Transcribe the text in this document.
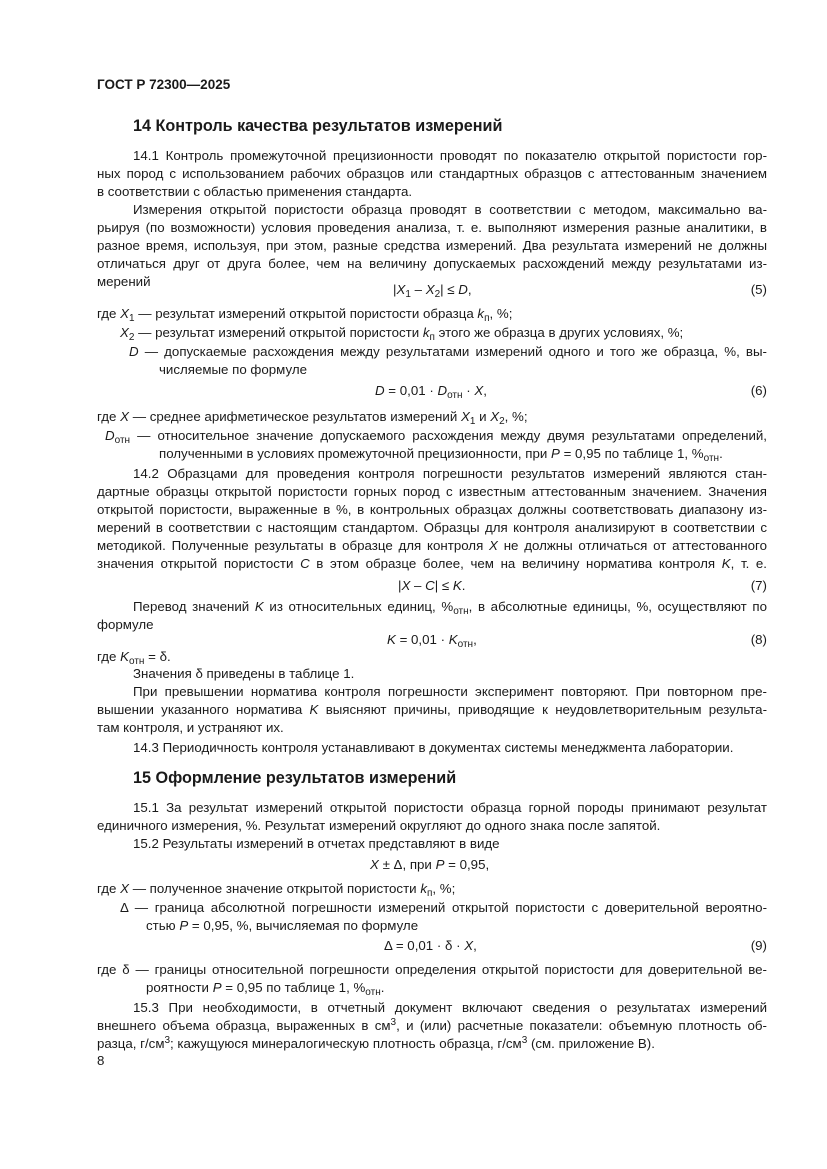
ГОСТ Р 72300—2025
14 Контроль качества результатов измерений
14.1 Контроль промежуточной прецизионности проводят по показателю открытой пористости гор-
ных пород с использованием рабочих образцов или стандартных образцов с аттестованным значением
в соответствии с областью применения стандарта.
Измерения открытой пористости образца проводят в соответствии с методом, максимально ва-
рьируя (по возможности) условия проведения анализа, т. е. выполняют измерения разные аналитики, в
разное время, используя, при этом, разные средства измерений. Два результата измерений не должны
отличаться друг от друга более, чем на величину допускаемых расхождений между результатами из-
мерений
$|X_1 - X_2| \le D$,	(5)
где $X_1$ — результат измерений открытой пористости образца $k_п$, %;
$X_2$ — результат измерений открытой пористости $k_п$ этого же образца в других условиях, %;
D — допускаемые расхождения между результатами измерений одного и того же образца, %, вы-
числяемые по формуле
$D = 0,01 \cdot D_{отн} \cdot X$,	(6)
где X — среднее арифметическое результатов измерений $X_1$ и $X_2$, %;
$D_{отн}$ — относительное значение допускаемого расхождения между двумя результатами определений,
полученными в условиях промежуточной прецизионности, при P = 0,95 по таблице 1, $\%_{отн}$.
14.2 Образцами для проведения контроля погрешности результатов измерений являются стан-
дартные образцы открытой пористости горных пород с известным аттестованным значением. Значения
открытой пористости, выраженные в %, в контрольных образцах должны соответствовать диапазону из-
мерений в соответствии с настоящим стандартом. Образцы для контроля анализируют в соответствии с
методикой. Полученные результаты в образце для контроля X не должны отличаться от аттестованного
значения открытой пористости C в этом образце более, чем на величину норматива контроля K, т. е.
|X – C| ≤ K.	(7)
Перевод значений K из относительных единиц, $\%_{отн}$, в абсолютные единицы, %, осуществляют по
формуле
$K = 0,01 \cdot K_{отн}$,	(8)
где $K_{отн} = \delta$.
Значения δ приведены в таблице 1.
При превышении норматива контроля погрешности эксперимент повторяют. При повторном пре-
вышении указанного норматива K выясняют причины, приводящие к неудовлетворительным результа-
там контроля, и устраняют их.
14.3 Периодичность контроля устанавливают в документах системы менеджмента лаборатории.
15 Оформление результатов измерений
15.1 За результат измерений открытой пористости образца горной породы принимают результат
единичного измерения, %. Результат измерений округляют до одного знака после запятой.
15.2 Результаты измерений в отчетах представляют в виде
X ± Δ, при P = 0,95,
где X — полученное значение открытой пористости $k_п$, %;
Δ — граница абсолютной погрешности измерений открытой пористости с доверительной вероятно-
стью P = 0,95, %, вычисляемая по формуле
Δ = 0,01 · δ · X,	(9)
где δ — границы относительной погрешности определения открытой пористости для доверительной ве-
роятности P = 0,95 по таблице 1, $\%_{отн}$.
15.3 При необходимости, в отчетный документ включают сведения о результатах измерений
внешнего объема образца, выраженных в $см^3$, и (или) расчетные показатели: объемную плотность об-
разца, $г/см^3$; кажущуюся минералогическую плотность образца, $г/см^3$ (см. приложение В).
8
